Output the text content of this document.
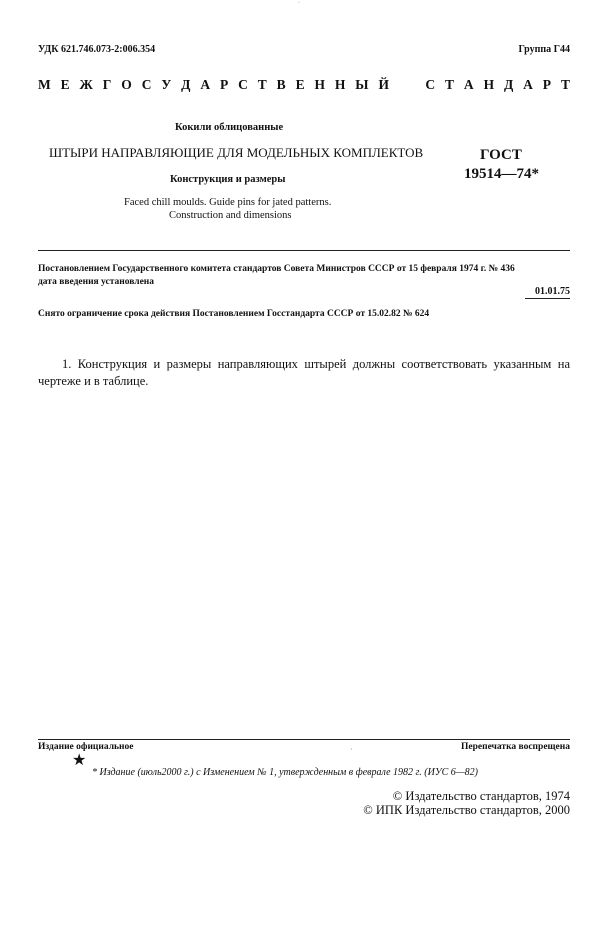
·
УДК 621.746.073-2:006.354	Группа Г44
М Е Ж Г О С У Д А Р С Т В Е Н Н Ы Й

	С Т А Н Д А Р Т
Кокили облицованные
ШТЫРИ НАПРАВЛЯЮЩИЕ ДЛЯ МОДЕЛЬНЫХ КОМПЛЕКТОВ
Конструкция и размеры
ГОСТ
19514—74*
Faced chill moulds. Guide pins for jated patterns.
Construction and dimensions
Постановлением Государственного комитета стандартов Совета Министров СССР от 15 февраля 1974 г. № 436
дата введения установлена
01.01.75
Снято ограничение срока действия Постановлением Госстандарта СССР от 15.02.82 № 624
1. Конструкция и размеры направляющих штырей должны соответствовать указанным на чертеже и в таблице.
Издание официальное	·	Перепечатка воспрещена
★
* Издание (июль2000 г.) с Изменением № 1, утвержденным в феврале 1982 г. (ИУС 6—82)
© Издательство стандартов, 1974
© ИПК Издательство стандартов, 2000
